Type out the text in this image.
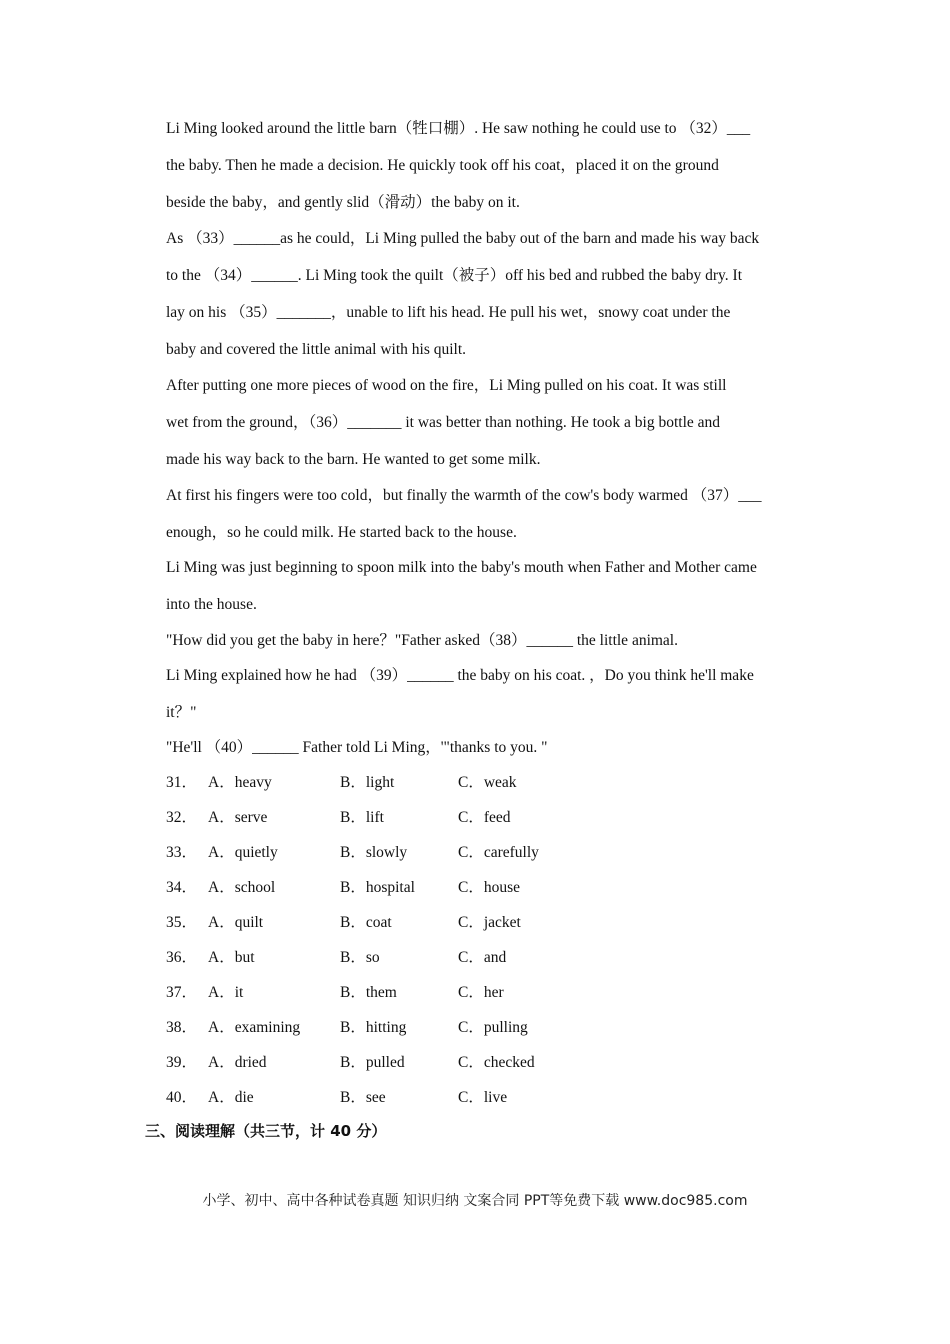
Li Ming looked around the little barn（牲口棚）. He saw nothing he could use to （32）___
the baby. Then he made a decision. He quickly took off his coat，placed it on the ground
beside the baby，and gently slid（滑动）the baby on it.
As （33）______as he could，Li Ming pulled the baby out of the barn and made his way back
to the （34）______. Li Ming took the quilt（被子）off his bed and rubbed the baby dry. It
lay on his （35）_______，unable to lift his head. He pull his wet，snowy coat under the
baby and covered the little animal with his quilt.
After putting one more pieces of wood on the fire，Li Ming pulled on his coat. It was still
wet from the ground，（36）_______ it was better than nothing. He took a big bottle and
made his way back to the barn. He wanted to get some milk.
At first his fingers were too cold，but finally the warmth of the cow's body warmed （37）___
enough，so he could milk. He started back to the house.
Li Ming was just beginning to spoon milk into the baby's mouth when Father and Mother came
into the house.
"How did you get the baby in here？"Father asked（38）______ the little animal.
Li Ming explained how he had （39）______ the baby on his coat. ，Do you think he'll make
it？"
"He'll （40）______ Father told Li Ming，'"thanks to you. "
31． A．heavy	B．light	C．weak
32． A．serve	B．lift	C．feed
33． A．quietly	B．slowly	C．carefully
34． A．school	B．hospital	C．house
35． A．quilt	B．coat	C．jacket
36． A．but	B．so	C．and
37． A．it	B．them	C．her
38． A．examining	B．hitting	C．pulling
39． A．dried	B．pulled	C．checked
40． A．die	B．see	C．live
三、阅读理解（共三节，计 40 分）
小学、初中、高中各种试卷真题 知识归纳 文案合同 PPT等免费下载 www.doc985.com
